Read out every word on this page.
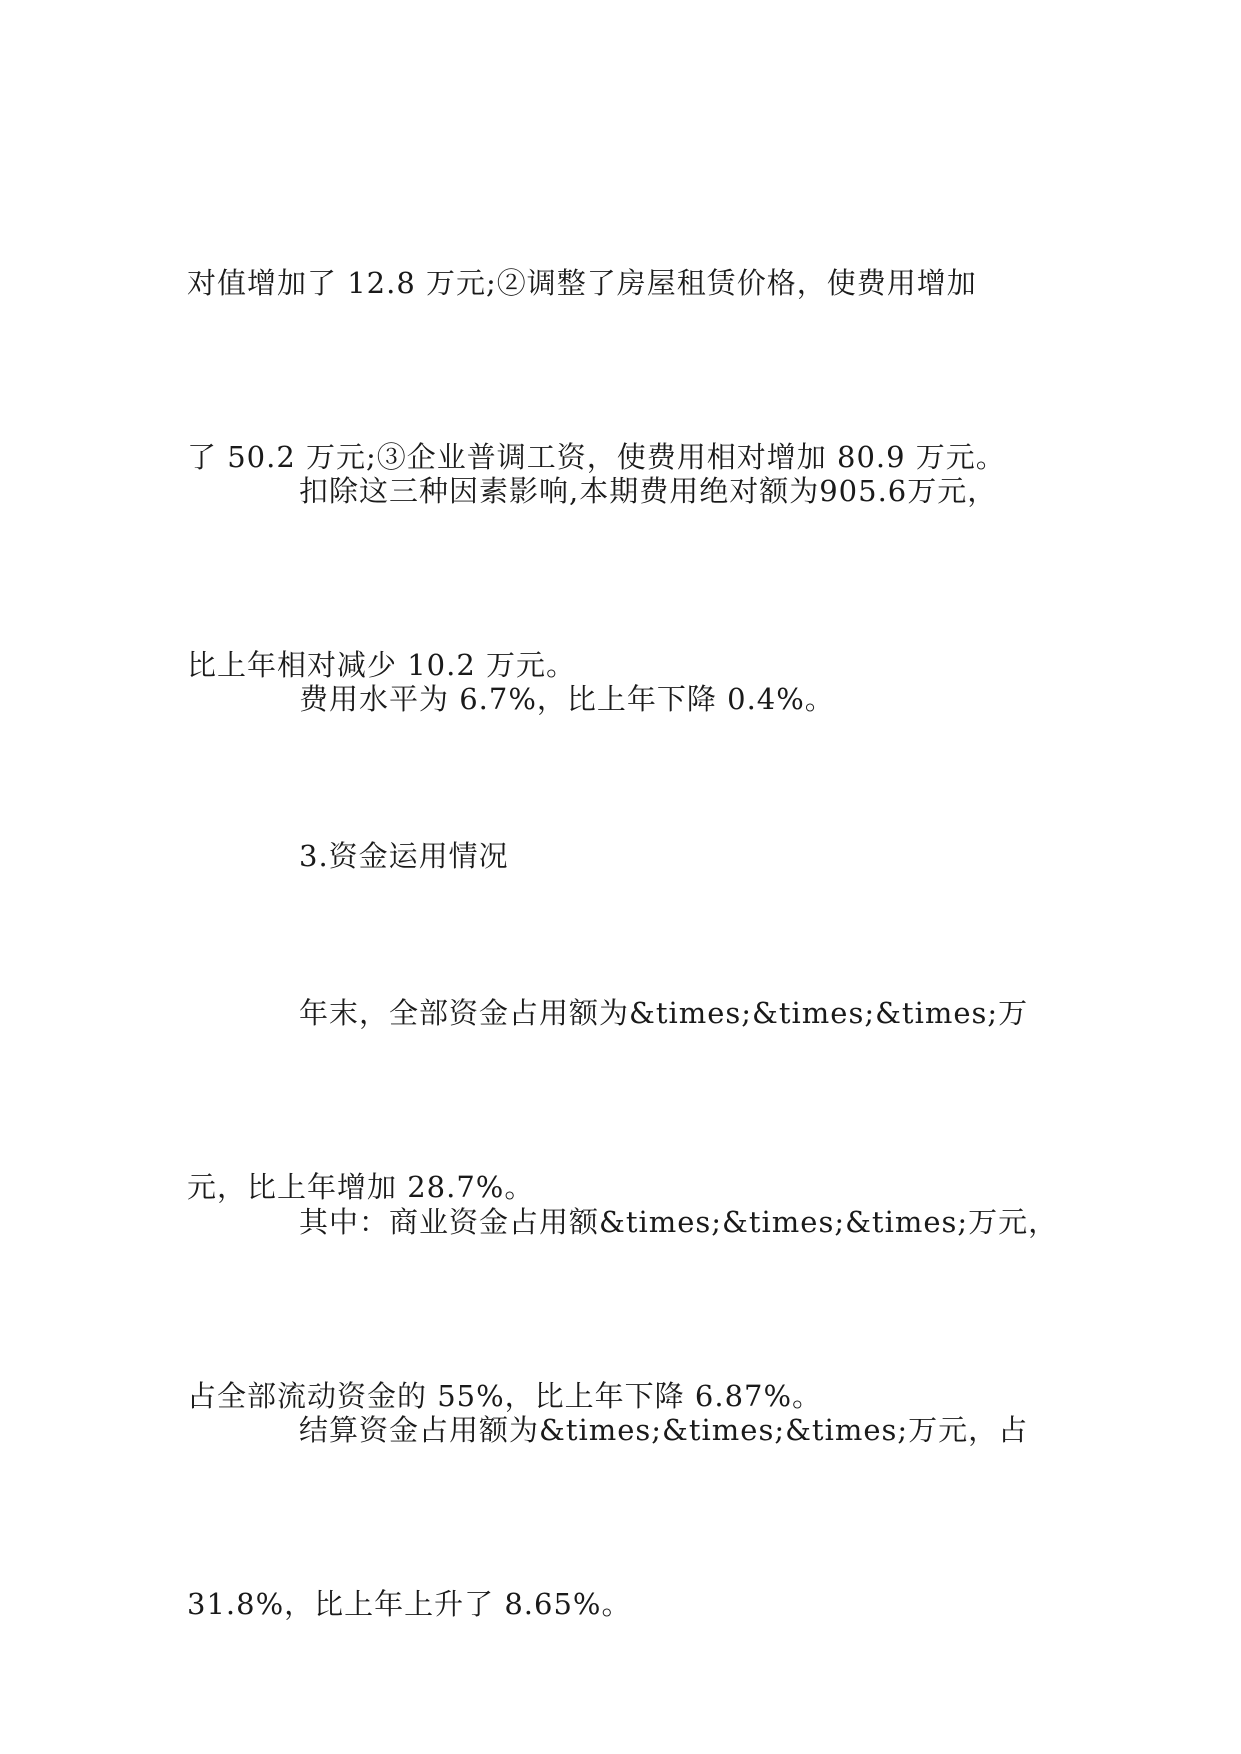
对值增加了 12.8 万元;②调整了房屋租赁价格，使费用增加

了 50.2 万元;③企业普调工资，使费用相对增加 80.9 万元。

扣除这三种因素影响,本期费用绝对额为905.6万元，

比上年相对减少 10.2 万元。

费用水平为 6.7%，比上年下降 0.4%。

3.资金运用情况

年末，全部资金占用额为&times;&times;&times;万

元，比上年增加 28.7%。

其中：商业资金占用额&times;&times;&times;万元，

占全部流动资金的 55%，比上年下降 6.87%。

结算资金占用额为&times;&times;&times;万元，占

31.8%，比上年上升了 8.65%。
